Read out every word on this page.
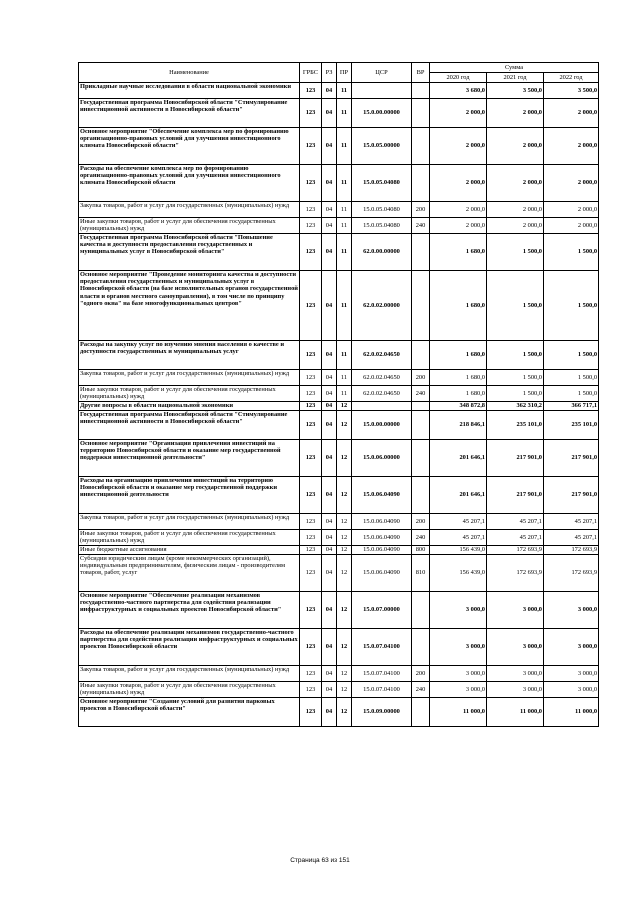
Наименование	ГРБС	РЗ	ПР	ЦСР	ВР	Сумма		
						2020 год	2021 год	2022 год
Прикладные научные исследования в области национальной экономики	123	04	11			3 680,0	3 500,0	3 500,0
Государственная программа Новосибирской области "Стимулирование инвестиционной активности в Новосибирской области"	123	04	11	15.0.00.00000		2 000,0	2 000,0	2 000,0
Основное мероприятие "Обеспечение комплекса мер по формированию организационно-правовых условий для улучшения инвестиционного климата Новосибирской области"	123	04	11	15.0.05.00000		2 000,0	2 000,0	2 000,0
Расходы на обеспечение комплекса мер по формированию организационно-правовых условий для улучшения инвестиционного климата Новосибирской области	123	04	11	15.0.05.04080		2 000,0	2 000,0	2 000,0
Закупка товаров, работ и услуг для государственных (муниципальных) нужд	123	04	11	15.0.05.04080	200	2 000,0	2 000,0	2 000,0
Иные закупки товаров, работ и услуг для обеспечения государственных (муниципальных) нужд	123	04	11	15.0.05.04080	240	2 000,0	2 000,0	2 000,0
Государственная программа Новосибирской области "Повышение качества и доступности предоставления государственных и муниципальных услуг в Новосибирской области"	123	04	11	62.0.00.00000		1 680,0	1 500,0	1 500,0
Основное мероприятие "Проведение мониторинга качества и доступности предоставления государственных и муниципальных услуг в Новосибирской области (на базе исполнительных органов государственной власти и органов местного самоуправления), в том числе по принципу "одного окна" на базе многофункциональных центров"	123	04	11	62.0.02.00000		1 680,0	1 500,0	1 500,0
Расходы на закупку услуг по изучению мнения населения о качестве и доступности государственных и муниципальных услуг	123	04	11	62.0.02.04650		1 680,0	1 500,0	1 500,0
Закупка товаров, работ и услуг для государственных (муниципальных) нужд	123	04	11	62.0.02.04650	200	1 680,0	1 500,0	1 500,0
Иные закупки товаров, работ и услуг для обеспечения государственных (муниципальных) нужд	123	04	11	62.0.02.04650	240	1 680,0	1 500,0	1 500,0
Другие вопросы в области национальной экономики	123	04	12			348 872,8	362 310,2	366 717,1
Государственная программа Новосибирской области "Стимулирование инвестиционной активности в Новосибирской области"	123	04	12	15.0.00.00000		218 846,1	235 101,0	235 101,0
Основное мероприятие "Организация привлечения инвестиций на территорию Новосибирской области и оказание мер государственной поддержки инвестиционной деятельности"	123	04	12	15.0.06.00000		201 646,1	217 901,0	217 901,0
Расходы на организацию привлечения инвестиций на территорию Новосибирской области и оказание мер государственной поддержки инвестиционной деятельности	123	04	12	15.0.06.04090		201 646,1	217 901,0	217 901,0
Закупка товаров, работ и услуг для государственных (муниципальных) нужд	123	04	12	15.0.06.04090	200	45 207,1	45 207,1	45 207,1
Иные закупки товаров, работ и услуг для обеспечения государственных (муниципальных) нужд	123	04	12	15.0.06.04090	240	45 207,1	45 207,1	45 207,1
Иные бюджетные ассигнования	123	04	12	15.0.06.04090	800	156 439,0	172 693,9	172 693,9
Субсидии юридическим лицам (кроме некоммерческих организаций), индивидуальным предпринимателям, физическим лицам - производителям товаров, работ, услуг	123	04	12	15.0.06.04090	810	156 439,0	172 693,9	172 693,9
Основное мероприятие "Обеспечение реализации механизмов государственно-частного партнерства для содействия реализации инфраструктурных и социальных проектов Новосибирской области"	123	04	12	15.0.07.00000		3 000,0	3 000,0	3 000,0
Расходы на обеспечение реализации механизмов государственно-частного партнерства для содействия реализации инфраструктурных и социальных проектов Новосибирской области	123	04	12	15.0.07.04100		3 000,0	3 000,0	3 000,0
Закупка товаров, работ и услуг для государственных (муниципальных) нужд	123	04	12	15.0.07.04100	200	3 000,0	3 000,0	3 000,0
Иные закупки товаров, работ и услуг для обеспечения государственных (муниципальных) нужд	123	04	12	15.0.07.04100	240	3 000,0	3 000,0	3 000,0
Основное мероприятие "Создание условий для развития парковых проектов в Новосибирской области"	123	04	12	15.0.09.00000		11 000,0	11 000,0	11 000,0
Страница 63 из 151
